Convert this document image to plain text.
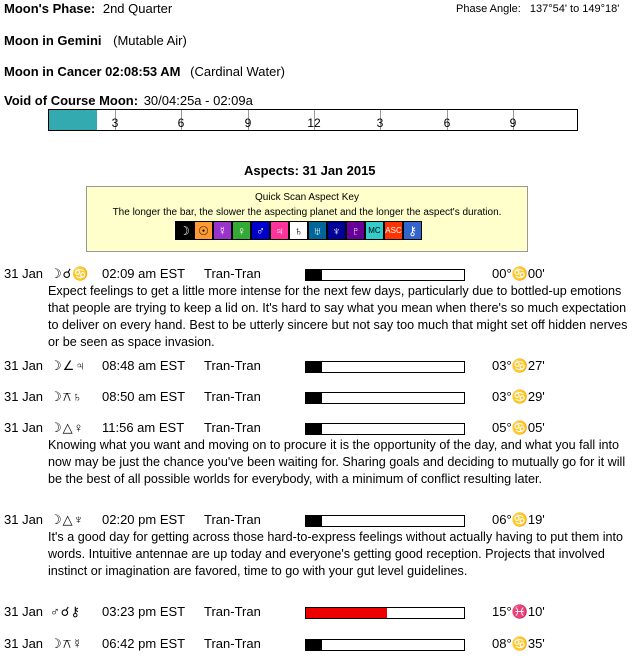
Moon's Phase: 2nd Quarter	Phase Angle: 137°54' to 149°18'
Moon in Gemini (Mutable Air)
Moon in Cancer 02:08:53 AM (Cardinal Water)
Void of Course Moon: 30/04:25a - 02:09a
3	6	9	12	3	6	9
Aspects: 31 Jan 2015
Quick Scan Aspect Key
The longer the bar, the slower the aspecting planet and the longer the aspect's duration.
☽ ☉ ☿ ♀ ♂ ♃ ♄ ♅ ♆ ♇	MC ASC ⚷
31 Jan ☽☌♋ 02:09 am EST Tran-Tran	00°♋00'
Expect feelings to get a little more intense for the next few days, particularly due to bottled-up emotions that people are trying to keep a lid on. It's hard to say what you mean when there's so much expectation to deliver on every hand. Best to be utterly sincere but not say too much that might set off hidden nerves or be seen as space invasion.
31 Jan ☽∠♃ 08:48 am EST Tran-Tran	03°♋27'
31 Jan ☽⚻♄ 08:50 am EST Tran-Tran	03°♋29'
31 Jan ☽△♀ 11:56 am EST Tran-Tran	05°♋05'
Knowing what you want and moving on to procure it is the opportunity of the day, and what you fall into now may be just the chance you've been waiting for. Sharing goals and deciding to mutually go for it will be the best of all possible worlds for everybody, with a minimum of conflict resulting later.
31 Jan ☽△♆ 02:20 pm EST Tran-Tran	06°♋19'
It's a good day for getting across those hard-to-express feelings without actually having to put them into words. Intuitive antennae are up today and everyone's getting good reception. Projects that involved instinct or imagination are favored, time to go with your gut level guidelines.
31 Jan ♂☌⚷ 03:23 pm EST Tran-Tran	15°♓10'
31 Jan ☽⚻☿ 06:42 pm EST Tran-Tran	08°♋35'
